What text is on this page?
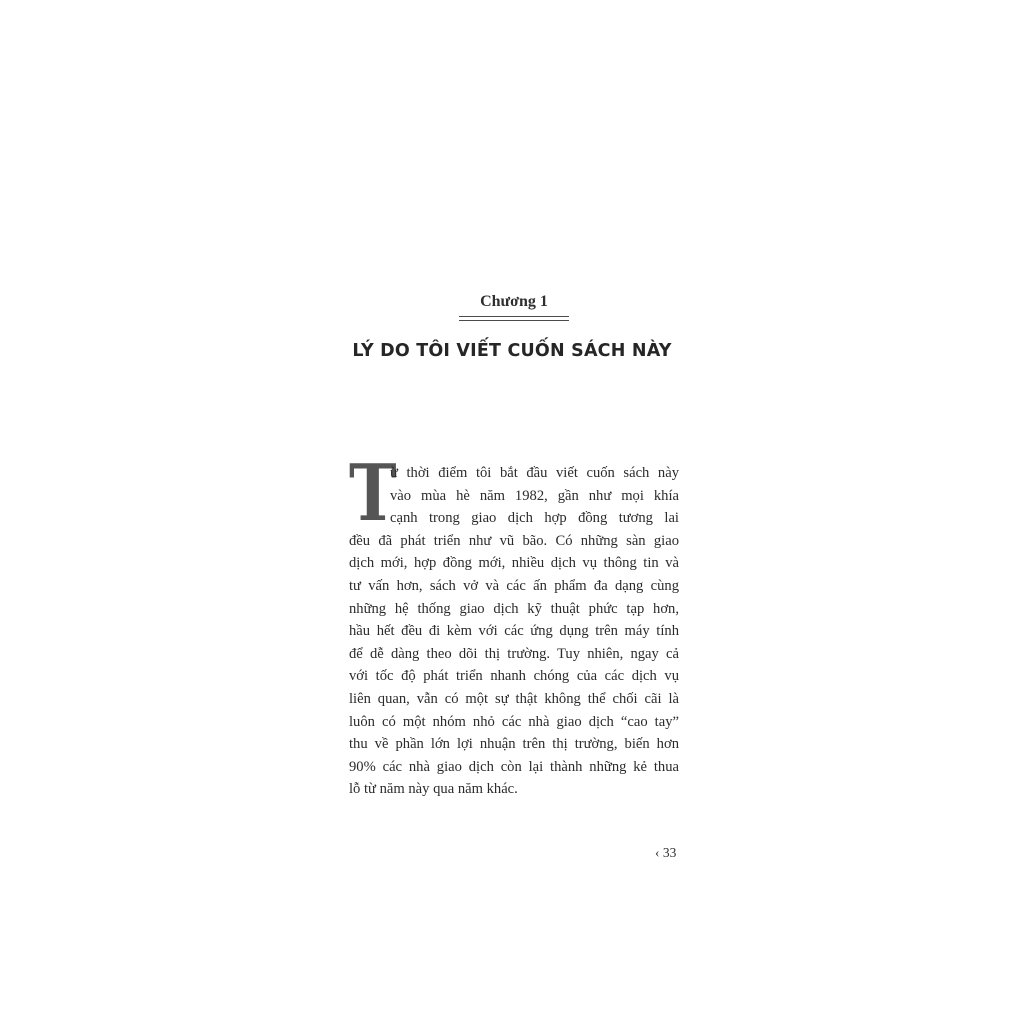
Chương 1
LÝ DO TÔI VIẾT CUỐN SÁCH NÀY
T
ừ thời điểm tôi bắt đầu viết cuốn sách này
vào mùa hè năm 1982, gần như mọi khía
cạnh trong giao dịch hợp đồng tương lai
đều đã phát triển như vũ bão. Có những sàn giao
dịch mới, hợp đồng mới, nhiều dịch vụ thông tin và
tư vấn hơn, sách vở và các ấn phẩm đa dạng cùng
những hệ thống giao dịch kỹ thuật phức tạp hơn,
hầu hết đều đi kèm với các ứng dụng trên máy tính
để dễ dàng theo dõi thị trường. Tuy nhiên, ngay cả
với tốc độ phát triển nhanh chóng của các dịch vụ
liên quan, vẫn có một sự thật không thể chối cãi là
luôn có một nhóm nhỏ các nhà giao dịch “cao tay”
thu về phần lớn lợi nhuận trên thị trường, biến hơn
90% các nhà giao dịch còn lại thành những kẻ thua
lỗ từ năm này qua năm khác.
‹ 33
